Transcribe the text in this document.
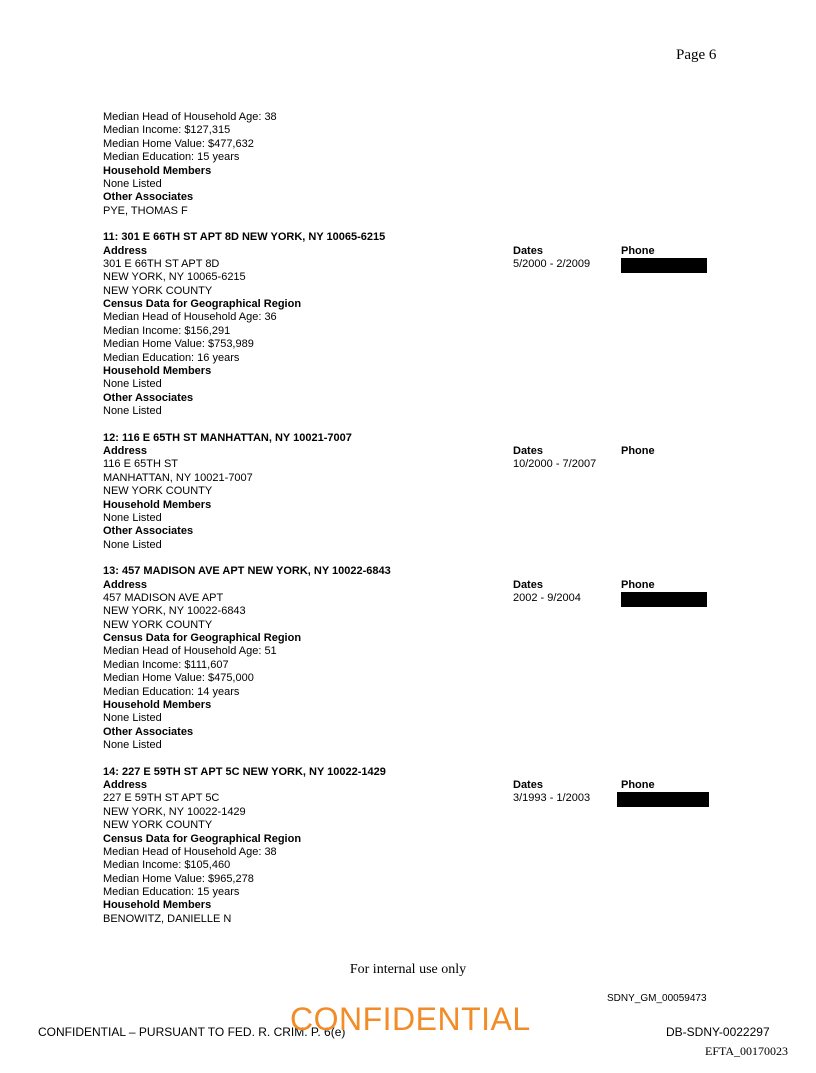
Page 6
Median Head of Household Age: 38
Median Income: $127,315
Median Home Value: $477,632
Median Education: 15 years
Household Members
None Listed
Other Associates
PYE, THOMAS F
11: 301 E 66TH ST APT 8D NEW YORK, NY 10065-6215
Address
301 E 66TH ST APT 8D
NEW YORK, NY 10065-6215
NEW YORK COUNTY
Census Data for Geographical Region
Median Head of Household Age: 36
Median Income: $156,291
Median Home Value: $753,989
Median Education: 16 years
Household Members
None Listed
Other Associates
None Listed
Dates
5/2000 - 2/2009
Phone
12: 116 E 65TH ST MANHATTAN, NY 10021-7007
Address
116 E 65TH ST
MANHATTAN, NY 10021-7007
NEW YORK COUNTY
Household Members
None Listed
Other Associates
None Listed
Dates
10/2000 - 7/2007
Phone
13: 457 MADISON AVE APT NEW YORK, NY 10022-6843
Address
457 MADISON AVE APT
NEW YORK, NY 10022-6843
NEW YORK COUNTY
Census Data for Geographical Region
Median Head of Household Age: 51
Median Income: $111,607
Median Home Value: $475,000
Median Education: 14 years
Household Members
None Listed
Other Associates
None Listed
Dates
2002 - 9/2004
Phone
14: 227 E 59TH ST APT 5C NEW YORK, NY 10022-1429
Address
227 E 59TH ST APT 5C
NEW YORK, NY 10022-1429
NEW YORK COUNTY
Census Data for Geographical Region
Median Head of Household Age: 38
Median Income: $105,460
Median Home Value: $965,278
Median Education: 15 years
Household Members
BENOWITZ, DANIELLE N
Dates
3/1993 - 1/2003
Phone
For internal use only
SDNY_GM_00059473
CONFIDENTIAL – PURSUANT TO FED. R. CRIM. P. 6(e)
CONFIDENTIAL	DB-SDNY-0022297
EFTA_00170023
